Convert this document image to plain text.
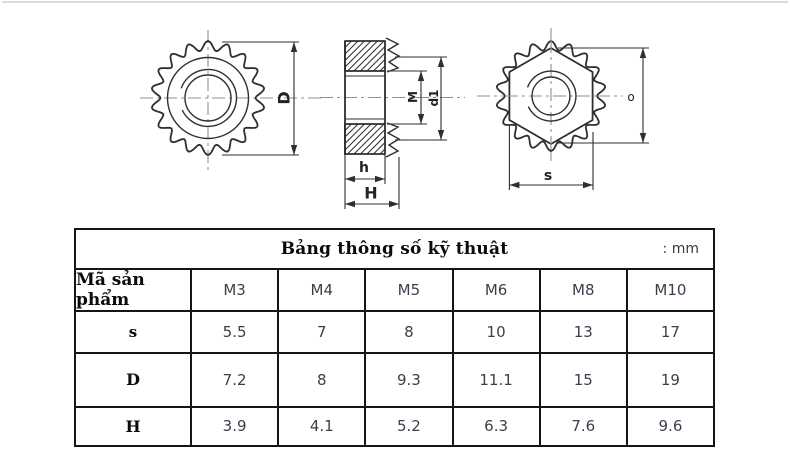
D	M d1
h
H
o
s
Bảng thông số kỹ thuật	: mm
Mã sản phẩm	M3	M4	M5	M6	M8	M10
s	5.5	7	8	10	13	17
D	7.2	8	9.3	11.1	15	19
H	3.9	4.1	5.2	6.3	7.6	9.6
